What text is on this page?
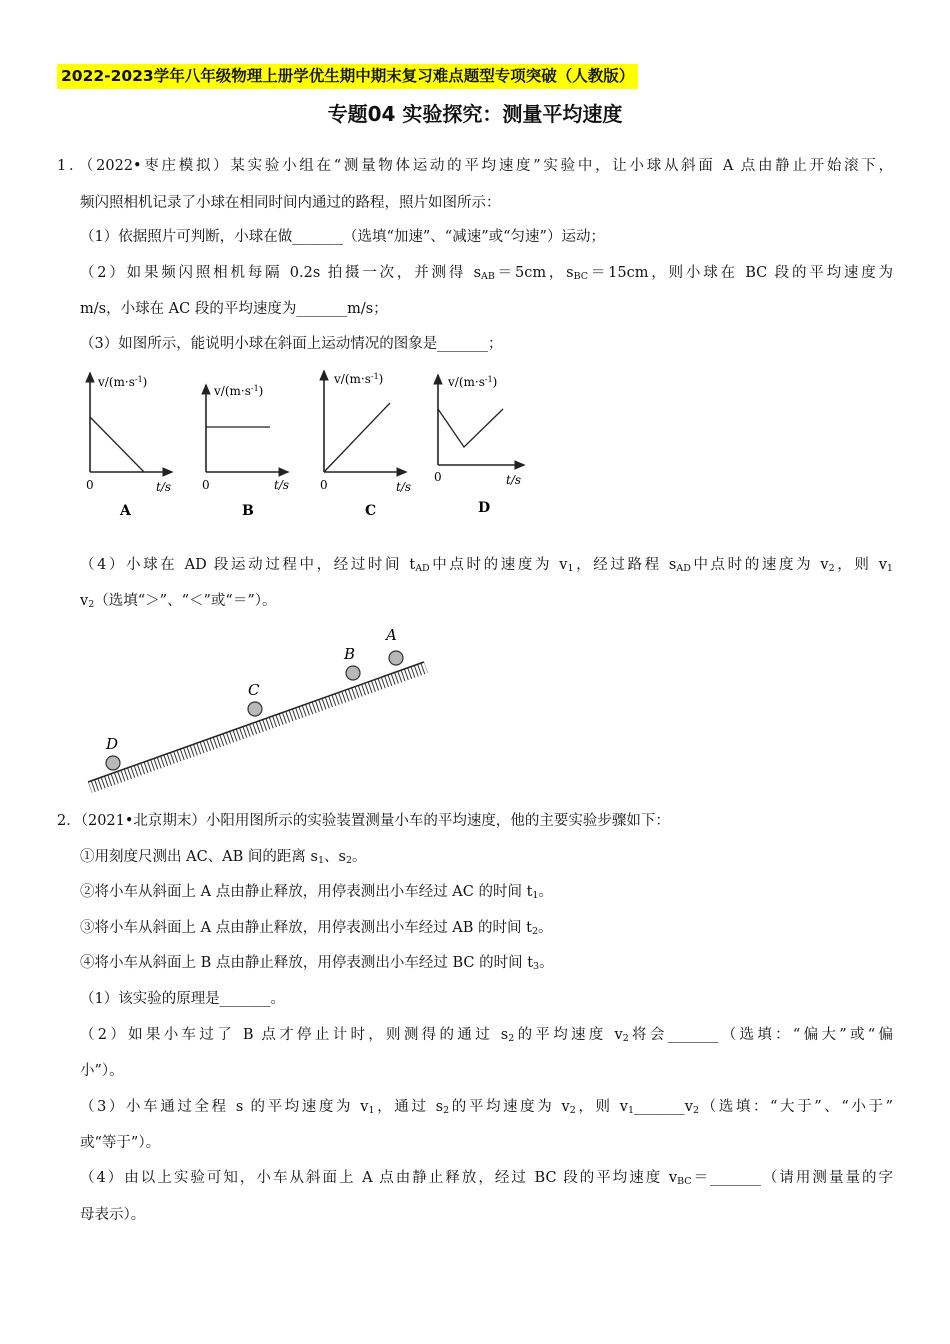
2022-2023学年八年级物理上册学优生期中期末复习难点题型专项突破（人教版）
专题04 实验探究：测量平均速度
1．（2022•枣庄模拟）某实验小组在“测量物体运动的平均速度”实验中，让小球从斜面 A 点由静止开始滚下，
频闪照相机记录了小球在相同时间内通过的路程，照片如图所示：
（1）依据照片可判断，小球在做_______（选填“加速”、“减速”或“匀速”）运动；
（2）如果频闪照相机每隔 0.2s 拍摄一次，并测得 $s_{AB}=5cm$，$s_{BC}=15cm$，则小球在 BC 段的平均速度为
m/s，小球在 AC 段的平均速度为_______m/s；
（3）如图所示，能说明小球在斜面上运动情况的图象是_______；
$v/(m\cdot s^{-1})$
0	t/s
A
$v/(m\cdot s^{-1})$
0	t/s
B
$v/(m\cdot s^{-1})$
0	t/s
C
$v/(m\cdot s^{-1})$
0	t/s
D
（4）小球在 AD 段运动过程中，经过时间 $t_{AD}$中点时的速度为 $v_1$，经过路程 $s_{AD}$中点时的速度为 $v_2$，则 $v_1$
$v_2$（选填“＞”、“＜”或“＝”）。
A
B
C
D
2．（2021•北京期末）小阳用图所示的实验装置测量小车的平均速度，他的主要实验步骤如下：
①用刻度尺测出 AC、AB 间的距离 $s_1$、$s_2$。
②将小车从斜面上 A 点由静止释放，用停表测出小车经过 AC 的时间 $t_1$。
③将小车从斜面上 A 点由静止释放，用停表测出小车经过 AB 的时间 $t_2$。
④将小车从斜面上 B 点由静止释放，用停表测出小车经过 BC 的时间 $t_3$。
（1）该实验的原理是_______。
（2）如果小车过了 B 点才停止计时，则测得的通过 $s_2$的平均速度 $v_2$将会_______（选填：“偏大”或“偏
小”）。
（3）小车通过全程 s 的平均速度为 $v_1$，通过 $s_2$的平均速度为 $v_2$，则 $v_1\_\_\_\_\_\_\_v_2$（选填：“大于”、“小于”
或“等于”）。
（4）由以上实验可知，小车从斜面上 A 点由静止释放，经过 BC 段的平均速度 $v_{BC}=\_\_\_\_\_\_\_$（请用测量量的字
母表示）。
